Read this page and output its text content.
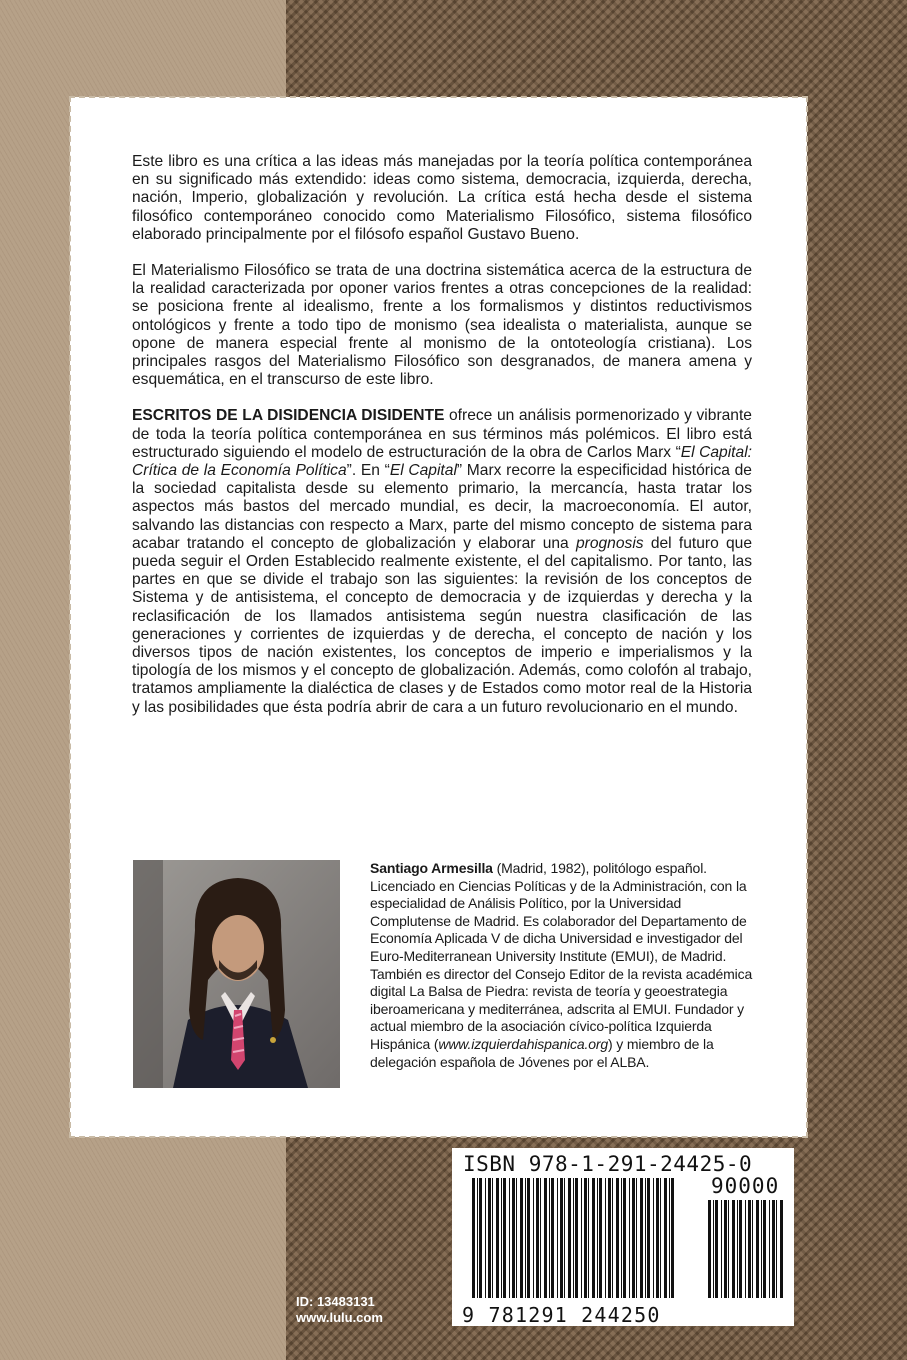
Este libro es una crítica a las ideas más manejadas por la teoría política contemporánea en su significado más extendido: ideas como sistema, democracia, izquierda, derecha, nación, Imperio, globalización y revolución. La crítica está hecha desde el sistema filosófico contemporáneo conocido como Materialismo Filosófico, sistema filosófico elaborado principalmente por el filósofo español Gustavo Bueno.

El Materialismo Filosófico se trata de una doctrina sistemática acerca de la estructura de la realidad caracterizada por oponer varios frentes a otras concepciones de la realidad: se posiciona frente al idealismo, frente a los formalismos y distintos reductivismos ontológicos y frente a todo tipo de monismo (sea idealista o materialista, aunque se opone de manera especial frente al monismo de la ontoteología cristiana). Los principales rasgos del Materialismo Filosófico son desgranados, de manera amena y esquemática, en el transcurso de este libro.

ESCRITOS DE LA DISIDENCIA DISIDENTE ofrece un análisis pormenorizado y vibrante de toda la teoría política contemporánea en sus términos más polémicos. El libro está estructurado siguiendo el modelo de estructuración de la obra de Carlos Marx “El Capital: Crítica de la Economía Política”. En “El Capital” Marx recorre la especificidad histórica de la sociedad capitalista desde su elemento primario, la mercancía, hasta tratar los aspectos más bastos del mercado mundial, es decir, la macroeconomía. El autor, salvando las distancias con respecto a Marx, parte del mismo concepto de sistema para acabar tratando el concepto de globalización y elaborar una prognosis del futuro que pueda seguir el Orden Establecido realmente existente, el del capitalismo. Por tanto, las partes en que se divide el trabajo son las siguientes: la revisión de los conceptos de Sistema y de antisistema, el concepto de democracia y de izquierdas y derecha y la reclasificación de los llamados antisistema según nuestra clasificación de las generaciones y corrientes de izquierdas y de derecha, el concepto de nación y los diversos tipos de nación existentes, los conceptos de imperio e imperialismos y la tipología de los mismos y el concepto de globalización. Además, como colofón al trabajo, tratamos ampliamente la dialéctica de clases y de Estados como motor real de la Historia y las posibilidades que ésta podría abrir de cara a un futuro revolucionario en el mundo.

Santiago Armesilla (Madrid, 1982), politólogo español. Licenciado en Ciencias Políticas y de la Administración, con la especialidad de Análisis Político, por la Universidad Complutense de Madrid. Es colaborador del Departamento de Economía Aplicada V de dicha Universidad e investigador del Euro-Mediterranean University Institute (EMUI), de Madrid. También es director del Consejo Editor de la revista académica digital La Balsa de Piedra: revista de teoría y geoestrategia iberoamericana y mediterránea, adscrita al EMUI. Fundador y actual miembro de la asociación cívico-política Izquierda Hispánica (www.izquierdahispanica.org) y miembro de la delegación española de Jóvenes por el ALBA.
ISBN 978-1-291-24425-0
90000
9 781291 244250
ID: 13483131
www.lulu.com
